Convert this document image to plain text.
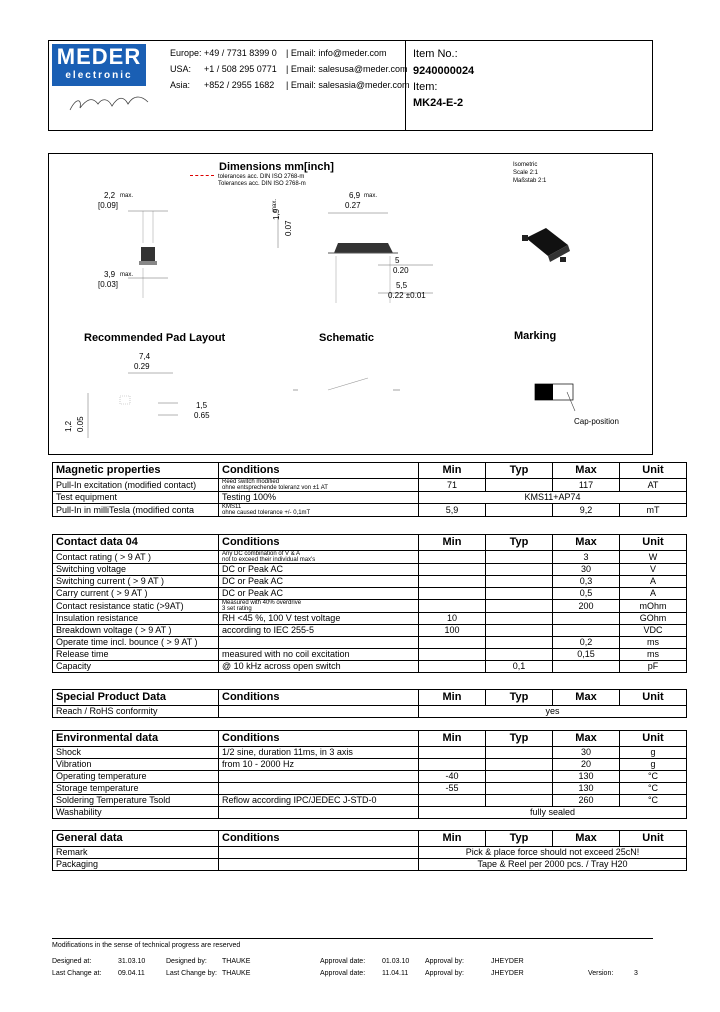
MEDER
electronic
Europe: +49 / 7731 8399 0 | Email: info@meder.com
USA: +1 / 508 295 0771 | Email: salesusa@meder.com
Asia: +852 / 2955 1682 | Email: salesasia@meder.com
Item No.:
9240000024
Item:
MK24-E-2
Dimensions mm[inch]
tolerances acc. DIN ISO 2768-m
Tolerances acc. DIN ISO 2768-m
Isometric
Scale 2:1
Maßstab 2:1
2,2 max.
[0.09]
3,9 max.
[0.03]
1,9
max.
0.07
6,9 max.
0.27
5
0.20
5,5
0.22 ±0.01
Recommended Pad Layout	Schematic	Marking
7,4
0.29
1,2 0.05
1,5
0.65
Cap-position
Magnetic properties	Conditions	Min	Typ	Max	Unit
Pull-In excitation (modified contact)	Reed switch modified
ohne entsprechende toleranz von ±1 AT	71		117	AT
Test equipment	Testing 100%	KMS11+AP74			
Pull-In in milliTesla (modified conta	KMS11
ohne caused tolerance +/- 0,1mT	5,9		9,2	mT
Contact data 04	Conditions	Min	Typ	Max	Unit
Contact rating ( > 9 AT )	Any DC combination of V & A
not to exceed their individual max's			3	W
Switching voltage	DC or Peak AC			30	V
Switching current ( > 9 AT )	DC or Peak AC			0,3	A
Carry current ( > 9 AT )	DC or Peak AC			0,5	A
Contact resistance static (>9AT)	Measured with 40% overdrive
3 set rating			200	mOhm
Insulation resistance	RH <45 %, 100 V test voltage	10			GOhm
Breakdown voltage ( > 9 AT )	according to IEC 255-5	100			VDC
Operate time incl. bounce ( > 9 AT )				0,2	ms
Release time	measured with no coil excitation			0,15	ms
Capacity	@ 10 kHz across open switch		0,1		pF
Special Product Data	Conditions	Min	Typ	Max	Unit
Reach / RoHS conformity		yes			
Environmental data	Conditions	Min	Typ	Max	Unit
Shock	1/2 sine, duration 11ms, in 3 axis			30	g
Vibration	from 10 - 2000 Hz			20	g
Operating temperature		-40		130	°C
Storage temperature		-55		130	°C
Soldering Temperature Tsold	Reflow according IPC/JEDEC J-STD-0			260	°C
Washability		fully sealed			
General data	Conditions	Min	Typ	Max	Unit
Remark		Pick & place force should not exceed 25cN!			
Packaging		Tape & Reel per 2000 pcs. / Tray H20			
Modifications in the sense of technical progress are reserved
Designed at:	31.03.10	Designed by: THAUKE	Approval date: 01.03.10 Approval by:	JHEYDER
Last Change at: 09.04.11	Last Change by: THAUKE	Approval date: 11.04.11 Approval by:	JHEYDER	Version:	3
